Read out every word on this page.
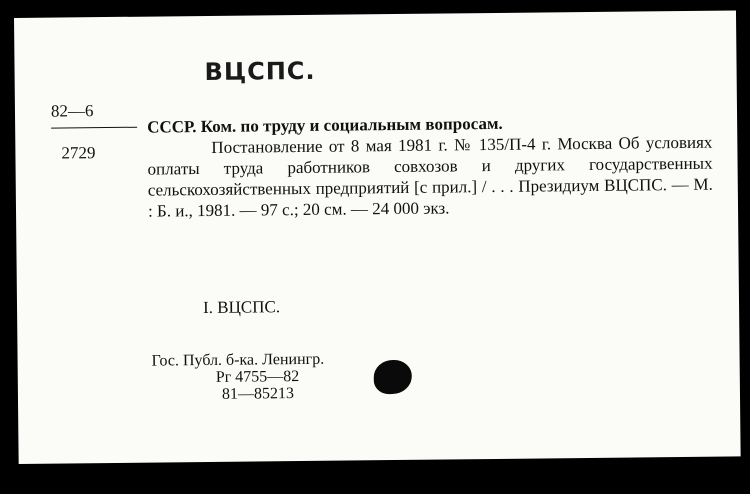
ВЦСПС.
82—6
2729

СССР. Ком. по труду и социальным вопросам.

Постановление от 8 мая 1981 г. № 135/П-4 г. Москва Об условиях оплаты труда работников совхозов и других государственных сельскохозяйственных предприятий [с прил.] / . . . Президиум ВЦСПС. — М. : Б. и., 1981. — 97 с.; 20 см. — 24 000 экз.

I. ВЦСПС.
Гос. Публ. б-ка. Ленингр.
Рг 4755—82
81—85213
